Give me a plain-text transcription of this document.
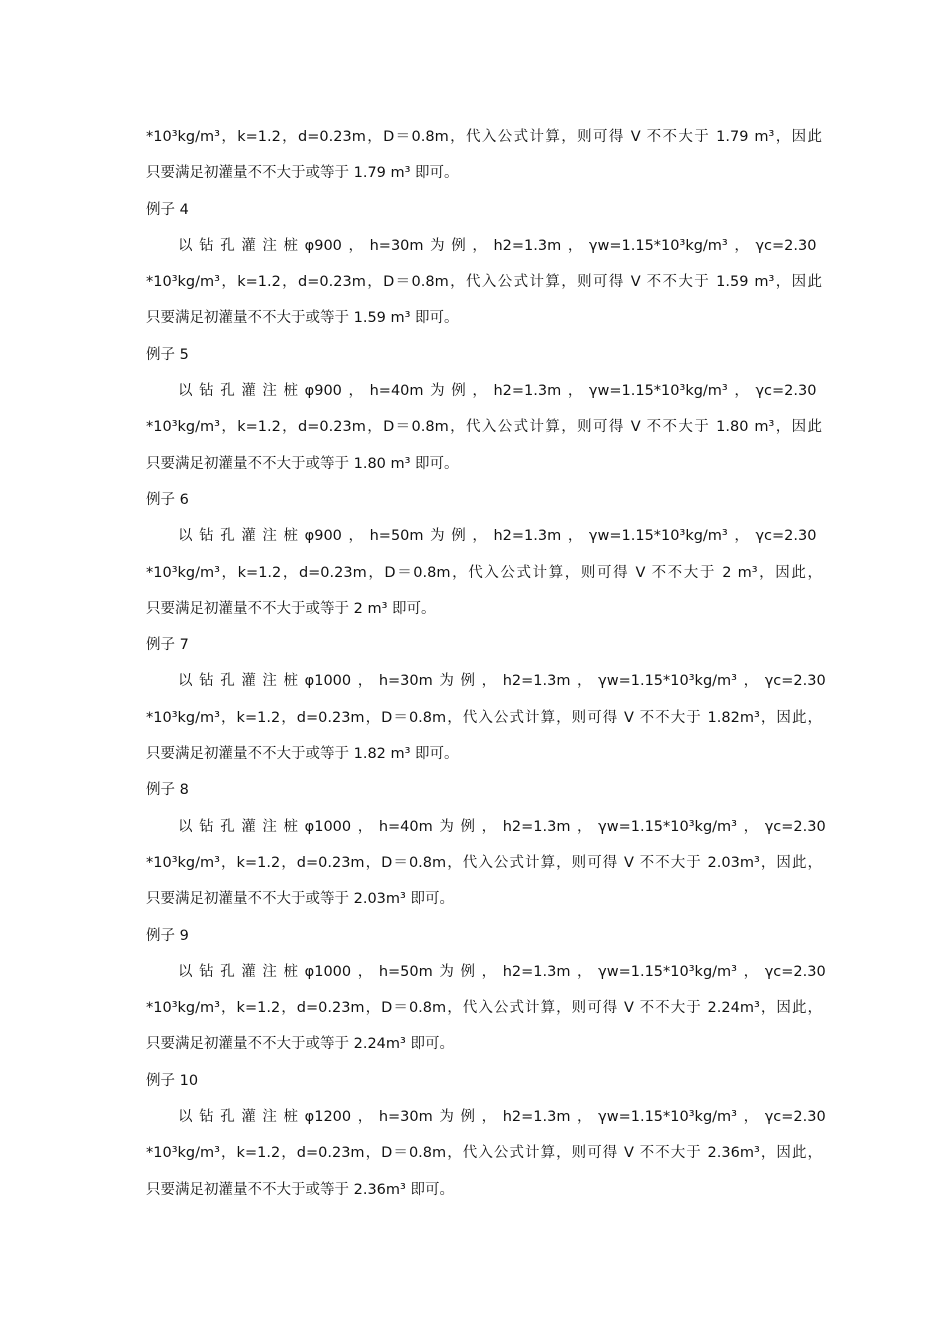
*10³kg/m³，k=1.2，d=0.23m，D＝0.8m，代入公式计算，则可得 V 不不大于 1.79 m³，因此
只要满足初灌量不不大于或等于 1.79 m³ 即可。
例子 4
以 钻 孔 灌 注 桩 φ900 ， h=30m 为 例 ， h2=1.3m ， γw=1.15*10³kg/m³ ， γc=2.30
*10³kg/m³，k=1.2，d=0.23m，D＝0.8m，代入公式计算，则可得 V 不不大于 1.59 m³，因此
只要满足初灌量不不大于或等于 1.59 m³ 即可。
例子 5
以 钻 孔 灌 注 桩 φ900 ， h=40m 为 例 ， h2=1.3m ， γw=1.15*10³kg/m³ ， γc=2.30
*10³kg/m³，k=1.2，d=0.23m，D＝0.8m，代入公式计算，则可得 V 不不大于 1.80 m³，因此
只要满足初灌量不不大于或等于 1.80 m³ 即可。
例子 6
以 钻 孔 灌 注 桩 φ900 ， h=50m 为 例 ， h2=1.3m ， γw=1.15*10³kg/m³ ， γc=2.30
*10³kg/m³，k=1.2，d=0.23m，D＝0.8m，代入公式计算，则可得 V 不不大于 2 m³，因此，
只要满足初灌量不不大于或等于 2 m³ 即可。
例子 7
以 钻 孔 灌 注 桩 φ1000 ， h=30m 为 例 ， h2=1.3m ， γw=1.15*10³kg/m³ ， γc=2.30
*10³kg/m³，k=1.2，d=0.23m，D＝0.8m，代入公式计算，则可得 V 不不大于 1.82m³，因此，
只要满足初灌量不不大于或等于 1.82 m³ 即可。
例子 8
以 钻 孔 灌 注 桩 φ1000 ， h=40m 为 例 ， h2=1.3m ， γw=1.15*10³kg/m³ ， γc=2.30
*10³kg/m³，k=1.2，d=0.23m，D＝0.8m，代入公式计算，则可得 V 不不大于 2.03m³，因此，
只要满足初灌量不不大于或等于 2.03m³ 即可。
例子 9
以 钻 孔 灌 注 桩 φ1000 ， h=50m 为 例 ， h2=1.3m ， γw=1.15*10³kg/m³ ， γc=2.30
*10³kg/m³，k=1.2，d=0.23m，D＝0.8m，代入公式计算，则可得 V 不不大于 2.24m³，因此，
只要满足初灌量不不大于或等于 2.24m³ 即可。
例子 10
以 钻 孔 灌 注 桩 φ1200 ， h=30m 为 例 ， h2=1.3m ， γw=1.15*10³kg/m³ ， γc=2.30
*10³kg/m³，k=1.2，d=0.23m，D＝0.8m，代入公式计算，则可得 V 不不大于 2.36m³，因此，
只要满足初灌量不不大于或等于 2.36m³ 即可。
